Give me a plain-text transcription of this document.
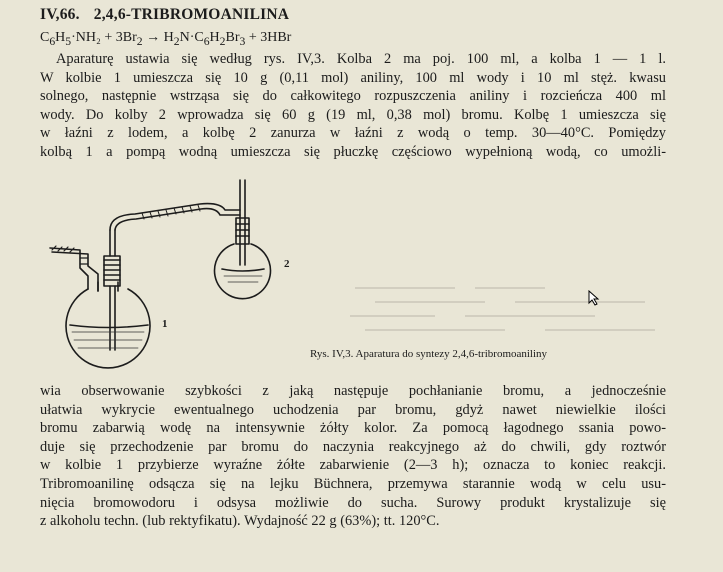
IV,66. 2,4,6-TRIBROMOANILINA
$C_6H_5\cdot NH_2 + 3Br_2 \to H_2N\cdot C_6H_2Br_3 + 3HBr$
Aparaturę ustawia się według rys. IV,3. Kolba 2 ma poj. 100 ml, a kolba 1 — 1 l.
W kolbie 1 umieszcza się 10 g (0,11 mol) aniliny, 100 ml wody i 10 ml stęż. kwasu
solnego, następnie wstrząsa się do całkowitego rozpuszczenia aniliny i rozcieńcza 400 ml
wody. Do kolby 2 wprowadza się 60 g (19 ml, 0,38 mol) bromu. Kolbę 1 umieszcza się
w łaźni z lodem, a kolbę 2 zanurza w łaźni z wodą o temp. 30—40°C. Pomiędzy
kolbą 1 a pompą wodną umieszcza się płuczkę częściowo wypełnioną wodą, co umożli-
1
2
Rys. IV,3. Aparatura do syntezy 2,4,6-tribromoaniliny
wia obserwowanie szybkości z jaką następuje pochłanianie bromu, a jednocześnie
ułatwia wykrycie ewentualnego uchodzenia par bromu, gdyż nawet niewielkie ilości
bromu zabarwią wodę na intensywnie żółty kolor. Za pomocą łagodnego ssania powo-
duje się przechodzenie par bromu do naczynia reakcyjnego aż do chwili, gdy roztwór
w kolbie 1 przybierze wyraźne żółte zabarwienie (2—3 h); oznacza to koniec reakcji.
Tribromoanilinę odsącza się na lejku Büchnera, przemywa starannie wodą w celu usu-
nięcia bromowodoru i odsysa możliwie do sucha. Surowy produkt krystalizuje się
z alkoholu techn. (lub rektyfikatu). Wydajność 22 g (63%); tt. 120°C.
